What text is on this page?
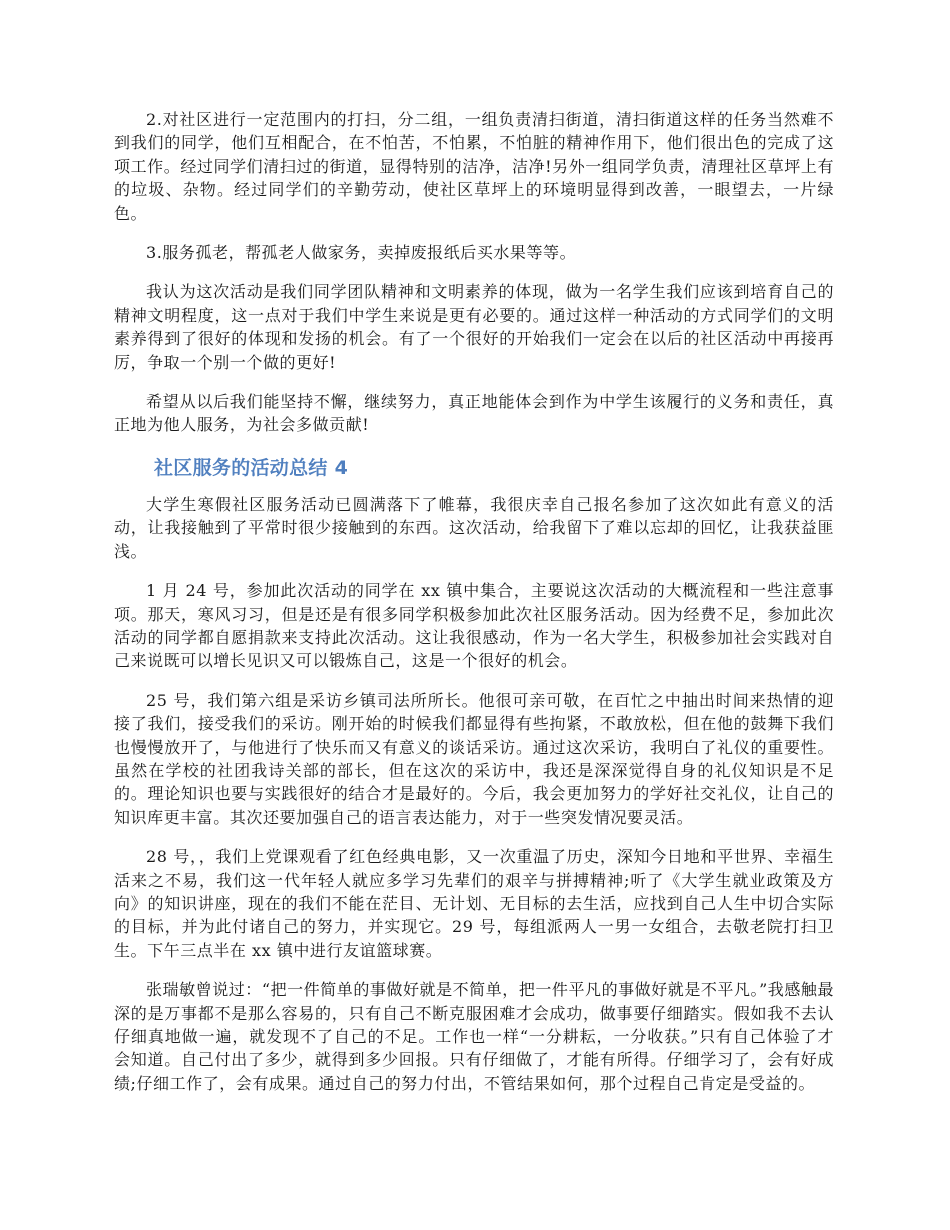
2.对社区进行一定范围内的打扫，分二组，一组负责清扫街道，清扫街道这样的任务当然难不到我们的同学，他们互相配合，在不怕苦，不怕累，不怕脏的精神作用下，他们很出色的完成了这项工作。经过同学们清扫过的街道，显得特别的洁净，洁净!另外一组同学负责，清理社区草坪上有的垃圾、杂物。经过同学们的辛勤劳动，使社区草坪上的环境明显得到改善，一眼望去，一片绿色。

3.服务孤老，帮孤老人做家务，卖掉废报纸后买水果等等。

我认为这次活动是我们同学团队精神和文明素养的体现，做为一名学生我们应该到培育自己的精神文明程度，这一点对于我们中学生来说是更有必要的。通过这样一种活动的方式同学们的文明素养得到了很好的体现和发扬的机会。有了一个很好的开始我们一定会在以后的社区活动中再接再厉，争取一个别一个做的更好!

希望从以后我们能坚持不懈，继续努力，真正地能体会到作为中学生该履行的义务和责任，真正地为他人服务，为社会多做贡献!

社区服务的活动总结 4

大学生寒假社区服务活动已圆满落下了帷幕，我很庆幸自己报名参加了这次如此有意义的活动，让我接触到了平常时很少接触到的东西。这次活动，给我留下了难以忘却的回忆，让我获益匪浅。

1 月 24 号，参加此次活动的同学在 xx 镇中集合，主要说这次活动的大概流程和一些注意事项。那天，寒风习习，但是还是有很多同学积极参加此次社区服务活动。因为经费不足，参加此次活动的同学都自愿捐款来支持此次活动。这让我很感动，作为一名大学生，积极参加社会实践对自己来说既可以增长见识又可以锻炼自己，这是一个很好的机会。

25 号，我们第六组是采访乡镇司法所所长。他很可亲可敬，在百忙之中抽出时间来热情的迎接了我们，接受我们的采访。刚开始的时候我们都显得有些拘紧，不敢放松，但在他的鼓舞下我们也慢慢放开了，与他进行了快乐而又有意义的谈话采访。通过这次采访，我明白了礼仪的重要性。虽然在学校的社团我诗关部的部长，但在这次的采访中，我还是深深觉得自身的礼仪知识是不足的。理论知识也要与实践很好的结合才是最好的。今后，我会更加努力的学好社交礼仪，让自己的知识库更丰富。其次还要加强自己的语言表达能力，对于一些突发情况要灵活。

28 号，，我们上党课观看了红色经典电影，又一次重温了历史，深知今日地和平世界、幸福生活来之不易，我们这一代年轻人就应多学习先辈们的艰辛与拼搏精神;听了《大学生就业政策及方向》的知识讲座，现在的我们不能在茫目、无计划、无目标的去生活，应找到自己人生中切合实际的目标，并为此付诸自己的努力，并实现它。29 号，每组派两人一男一女组合，去敬老院打扫卫生。下午三点半在 xx 镇中进行友谊篮球赛。

张瑞敏曾说过：“把一件简单的事做好就是不简单，把一件平凡的事做好就是不平凡。”我感触最深的是万事都不是那么容易的，只有自己不断克服困难才会成功，做事要仔细踏实。假如我不去认仔细真地做一遍，就发现不了自己的不足。工作也一样“一分耕耘，一分收获。”只有自己体验了才会知道。自己付出了多少，就得到多少回报。只有仔细做了，才能有所得。仔细学习了，会有好成绩;仔细工作了，会有成果。通过自己的努力付出，不管结果如何，那个过程自己肯定是受益的。
